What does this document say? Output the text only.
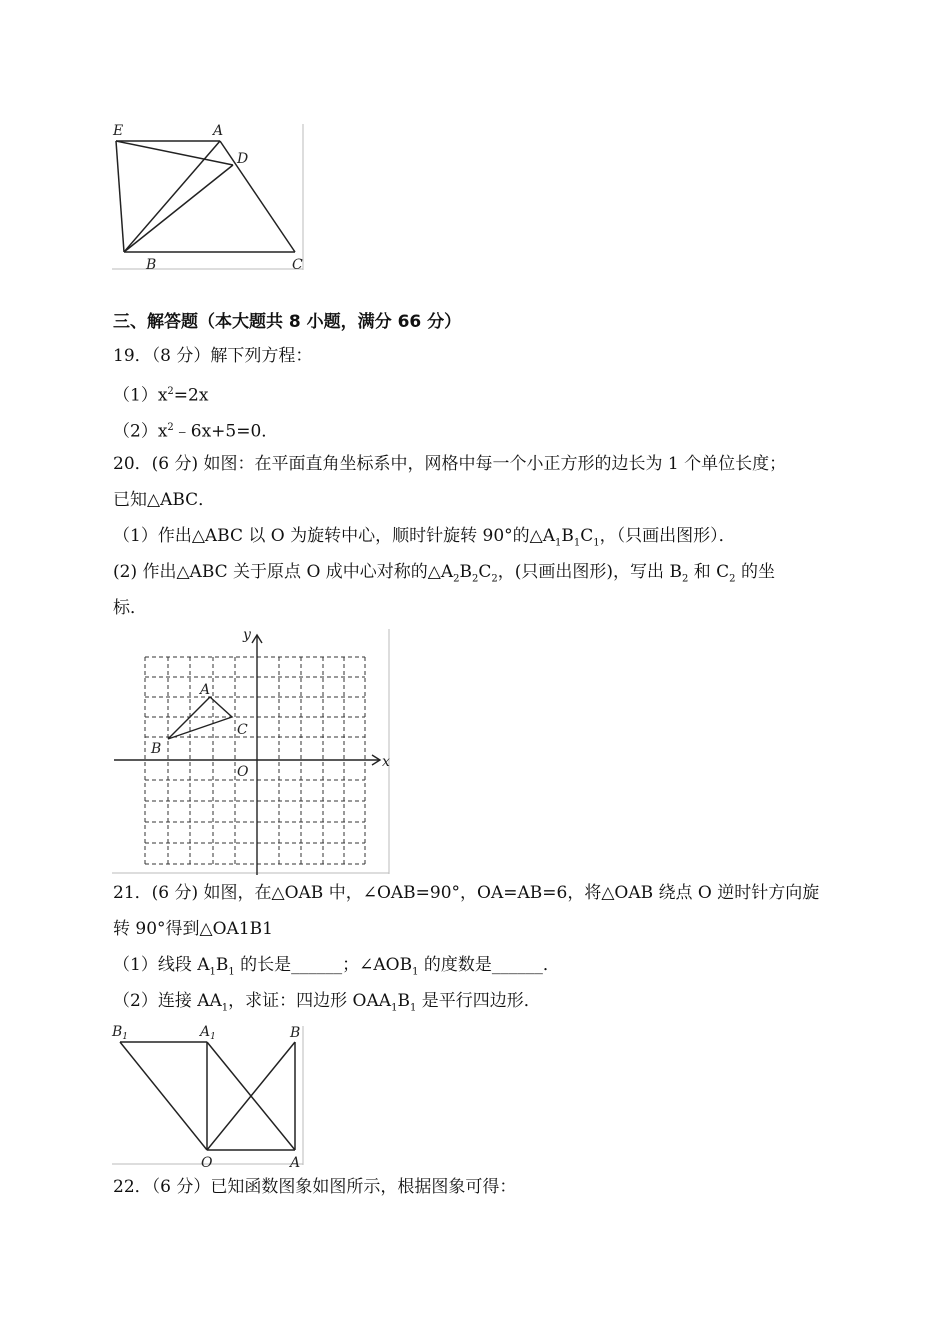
E	A
D
B	C
三、解答题（本大题共 8 小题，满分 66 分）
19．（8 分）解下列方程：
$(1)x^2=2x$
$(2)x^2﹣6x+5=0$．
20．(6 分) 如图：在平面直角坐标系中，网格中每一个小正方形的边长为 1 个单位长度；
已知△ABC．
（1）作出△ABC 以 O 为旋转中心，顺时针旋转 90°的$\triangle A_1B_1C_1$，（只画出图形）．
(2) 作出△ABC 关于原点 O 成中心对称的$\triangle A_2B_2C_2$，(只画出图形)，写出 $B_2$ 和 $C_2$ 的坐
标．
x
y
O
A
B
C
21．(6 分) 如图，在△OAB 中，∠OAB=90°，OA=AB=6，将△OAB 绕点 O 逆时针方向旋
转 90°得到△OA1B1
（1）线段 $A_1B_1$ 的长是______；$\angle AOB_1$ 的度数是______．
（2）连接 $AA_1$，求证：四边形 $OAA_1B_1$ 是平行四边形．
$B_1$	$A_1$	B
O	A
22．（6 分）已知函数图象如图所示，根据图象可得：
